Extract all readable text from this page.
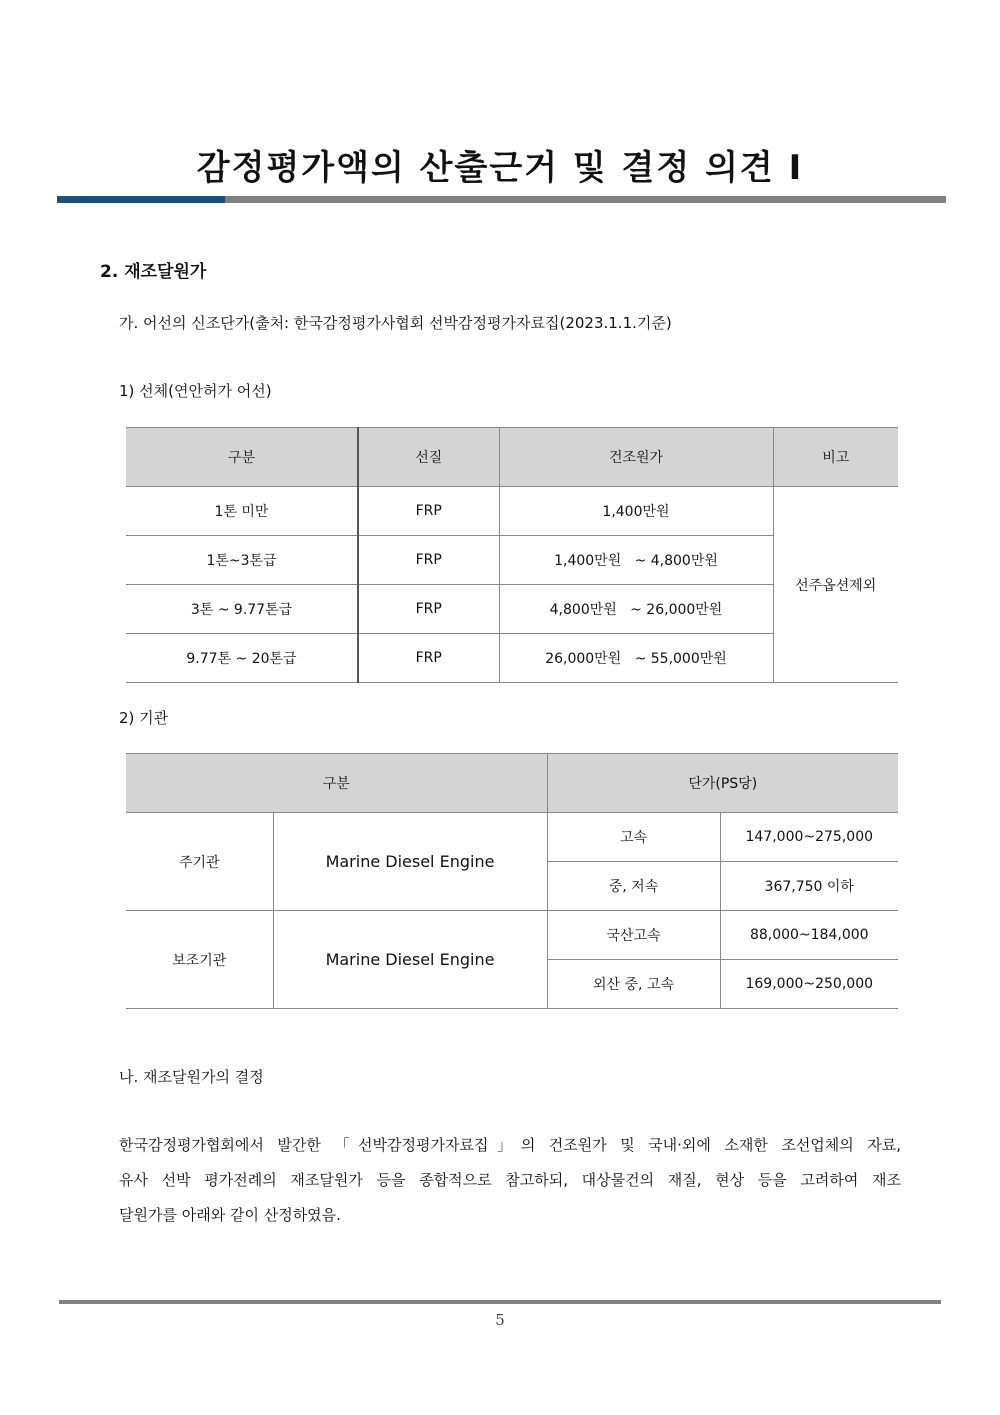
감정평가액의 산출근거 및 결정 의견 I
2. 재조달원가
가. 어선의 신조단가(출처: 한국감정평가사협회 선박감정평가자료집(2023.1.1.기준)
1) 선체(연안허가 어선)
구분	선질	건조원가	비고
1톤 미만	FRP	1,400만원	선주옵션제외
1톤~3톤급	FRP	1,400만원   ~ 4,800만원	
3톤 ~ 9.77톤급	FRP	4,800만원   ~ 26,000만원	
9.77톤 ~ 20톤급	FRP	26,000만원   ~ 55,000만원	
2) 기관
구분		단가(PS당)	
주기관	Marine Diesel Engine	고속	147,000~275,000
		중, 저속	367,750 이하
보조기관	Marine Diesel Engine	국산고속	88,000~184,000
		외산 중, 고속	169,000~250,000
나. 재조달원가의 결정
한국감정평가협회에서 발간한 「선박감정평가자료집」의 건조원가 및 국내·외에 소재한 조선업체의 자료,
유사 선박 평가전례의 재조달원가 등을 종합적으로 참고하되, 대상물건의 재질, 현상 등을 고려하여 재조
달원가를 아래와 같이 산정하였음.
5
